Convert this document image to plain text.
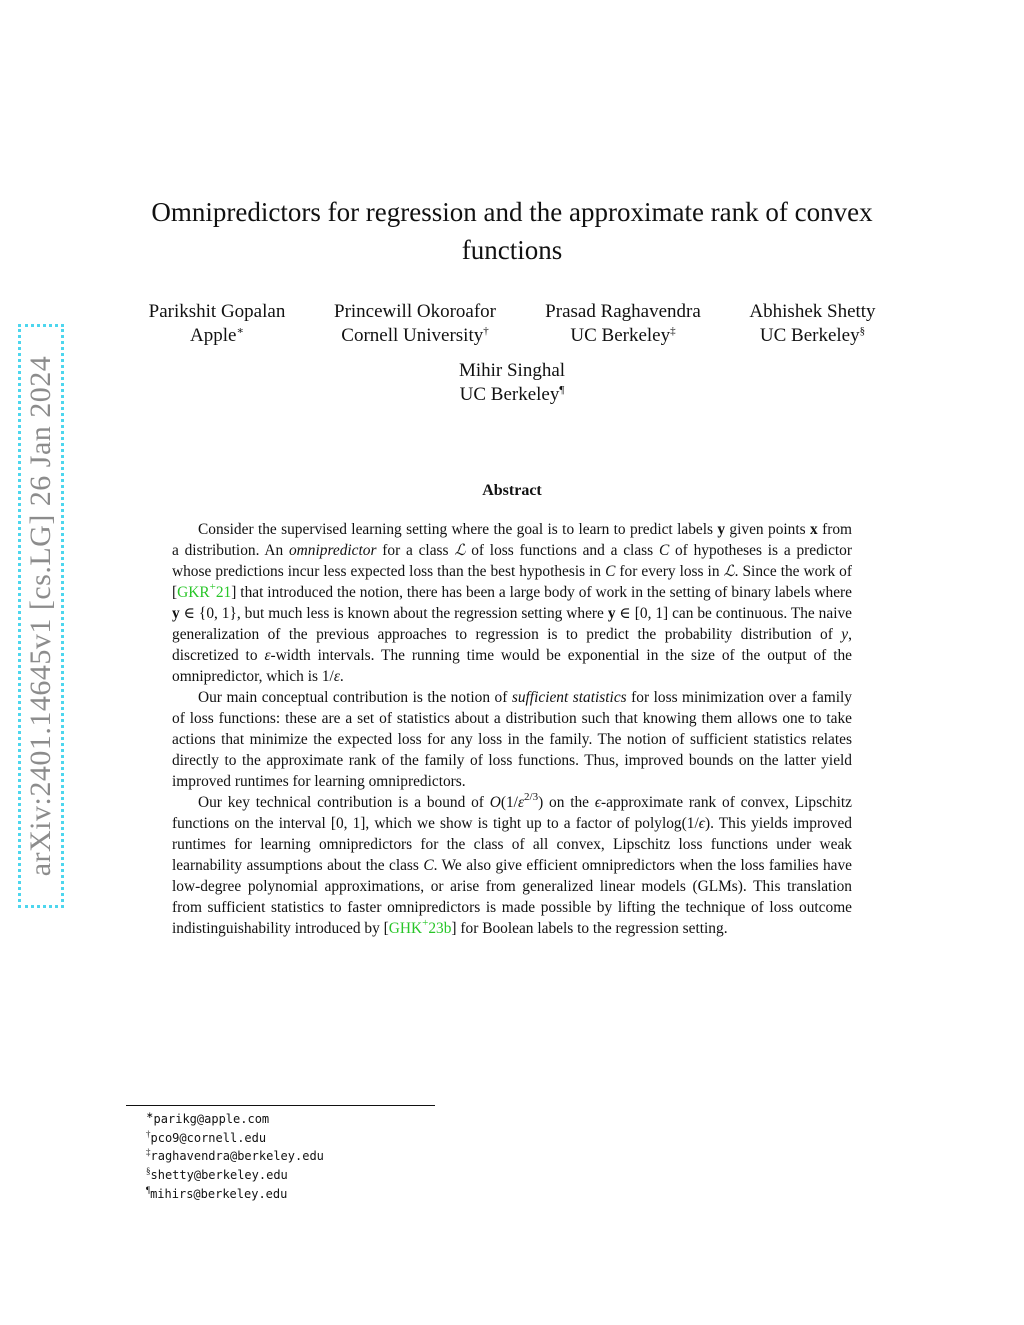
arXiv:2401.14645v1 [cs.LG] 26 Jan 2024
Omnipredictors for regression and the approximate rank of convex
functions
Parikshit Gopalan
Apple∗
Princewill Okoroafor
Cornell University†
Prasad Raghavendra
UC Berkeley‡
Abhishek Shetty
UC Berkeley§
Mihir Singhal
UC Berkeley¶
Abstract

Consider the supervised learning setting where the goal is to learn to predict labels y given points x from a distribution. An omnipredictor for a class ℒ of loss functions and a class C of hypotheses is a predictor whose predictions incur less expected loss than the best hypothesis in C for every loss in ℒ. Since the work of [GKR+21] that introduced the notion, there has been a large body of work in the setting of binary labels where y ∈ {0, 1}, but much less is known about the regression setting where y ∈ [0, 1] can be continuous. The naive generalization of the previous approaches to regression is to predict the probability distribution of y, discretized to ε-width intervals. The running time would be exponential in the size of the output of the omnipredictor, which is 1/ε.

Our main conceptual contribution is the notion of sufficient statistics for loss minimization over a family of loss functions: these are a set of statistics about a distribution such that knowing them allows one to take actions that minimize the expected loss for any loss in the family. The notion of sufficient statistics relates directly to the approximate rank of the family of loss functions. Thus, improved bounds on the latter yield improved runtimes for learning omnipredictors.

Our key technical contribution is a bound of $O(1/\varepsilon^{2/3})$ on the ϵ-approximate rank of convex, Lipschitz functions on the interval [0, 1], which we show is tight up to a factor of polylog(1/ϵ). This yields improved runtimes for learning omnipredictors for the class of all convex, Lipschitz loss functions under weak learnability assumptions about the class C. We also give efficient omnipredictors when the loss families have low-degree polynomial approximations, or arise from generalized linear models (GLMs). This translation from sufficient statistics to faster omnipredictors is made possible by lifting the technique of loss outcome indistinguishability introduced by [GHK+23b] for Boolean labels to the regression setting.

∗parikg@apple.com
†pco9@cornell.edu
‡raghavendra@berkeley.edu
§shetty@berkeley.edu
¶mihirs@berkeley.edu
